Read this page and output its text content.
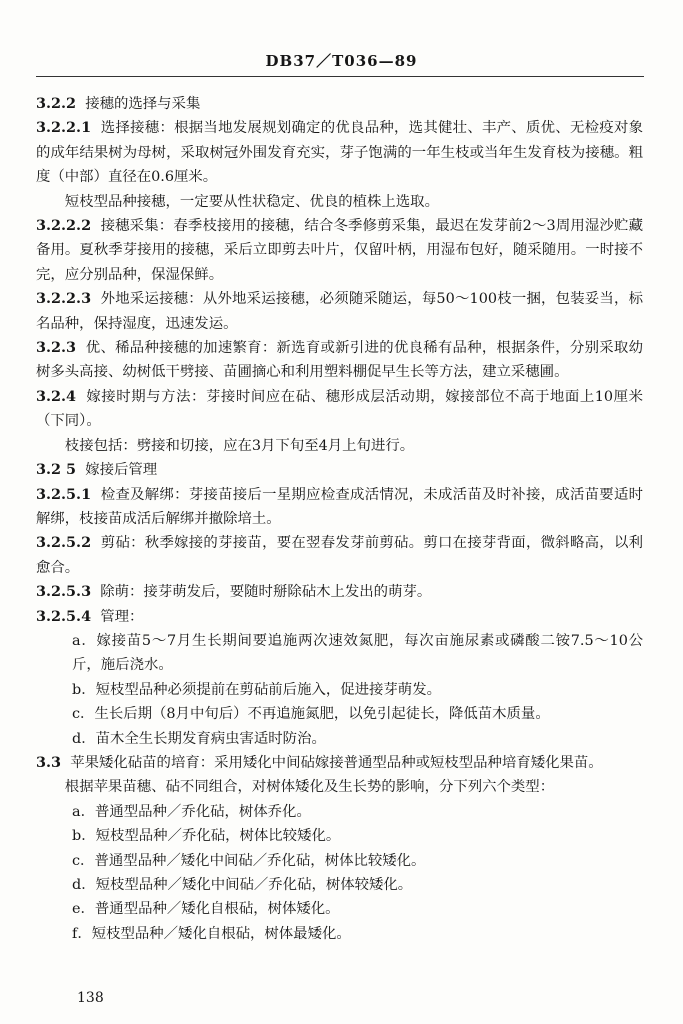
DB37／T036—89

3.2.2 接穗的选择与采集

3.2.2.1 选择接穗：根据当地发展规划确定的优良品种，选其健壮、丰产、质优、无检疫对象的成年结果树为母树，采取树冠外围发育充实，芽子饱满的一年生枝或当年生发育枝为接穗。粗度（中部）直径在0.6厘米。

短枝型品种接穗，一定要从性状稳定、优良的植株上选取。

3.2.2.2 接穗采集：春季枝接用的接穗，结合冬季修剪采集，最迟在发芽前2～3周用湿沙贮藏备用。夏秋季芽接用的接穗，采后立即剪去叶片，仅留叶柄，用湿布包好，随采随用。一时接不完，应分别品种，保湿保鲜。

3.2.2.3 外地采运接穗：从外地采运接穗，必须随采随运，每50～100枝一捆，包装妥当，标名品种，保持湿度，迅速发运。

3.2.3 优、稀品种接穗的加速繁育：新选育或新引进的优良稀有品种，根据条件，分别采取幼树多头高接、幼树低干劈接、苗圃摘心和利用塑料棚促早生长等方法，建立采穗圃。

3.2.4 嫁接时期与方法：芽接时间应在砧、穗形成层活动期，嫁接部位不高于地面上10厘米（下同）。

枝接包括：劈接和切接，应在3月下旬至4月上旬进行。

3.2 5 嫁接后管理

3.2.5.1 检查及解绑：芽接苗接后一星期应检查成活情况，未成活苗及时补接，成活苗要适时解绑，枝接苗成活后解绑并撤除培土。

3.2.5.2 剪砧：秋季嫁接的芽接苗，要在翌春发芽前剪砧。剪口在接芽背面，微斜略高，以利愈合。

3.2.5.3 除萌：接芽萌发后，要随时掰除砧木上发出的萌芽。

3.2.5.4 管理：

a．嫁接苗5～7月生长期间要追施两次速效氮肥，每次亩施尿素或磷酸二铵7.5～10公斤，施后浇水。

b．短枝型品种必须提前在剪砧前后施入，促进接芽萌发。

c．生长后期（8月中旬后）不再追施氮肥，以免引起徒长，降低苗木质量。

d．苗木全生长期发育病虫害适时防治。

3.3 苹果矮化砧苗的培育：采用矮化中间砧嫁接普通型品种或短枝型品种培育矮化果苗。

根据苹果苗穗、砧不同组合，对树体矮化及生长势的影响，分下列六个类型：

a．普通型品种／乔化砧，树体乔化。

b．短枝型品种／乔化砧，树体比较矮化。

c．普通型品种／矮化中间砧／乔化砧，树体比较矮化。

d．短枝型品种／矮化中间砧／乔化砧，树体较矮化。

e．普通型品种／矮化自根砧，树体矮化。

f．短枝型品种／矮化自根砧，树体最矮化。

138
